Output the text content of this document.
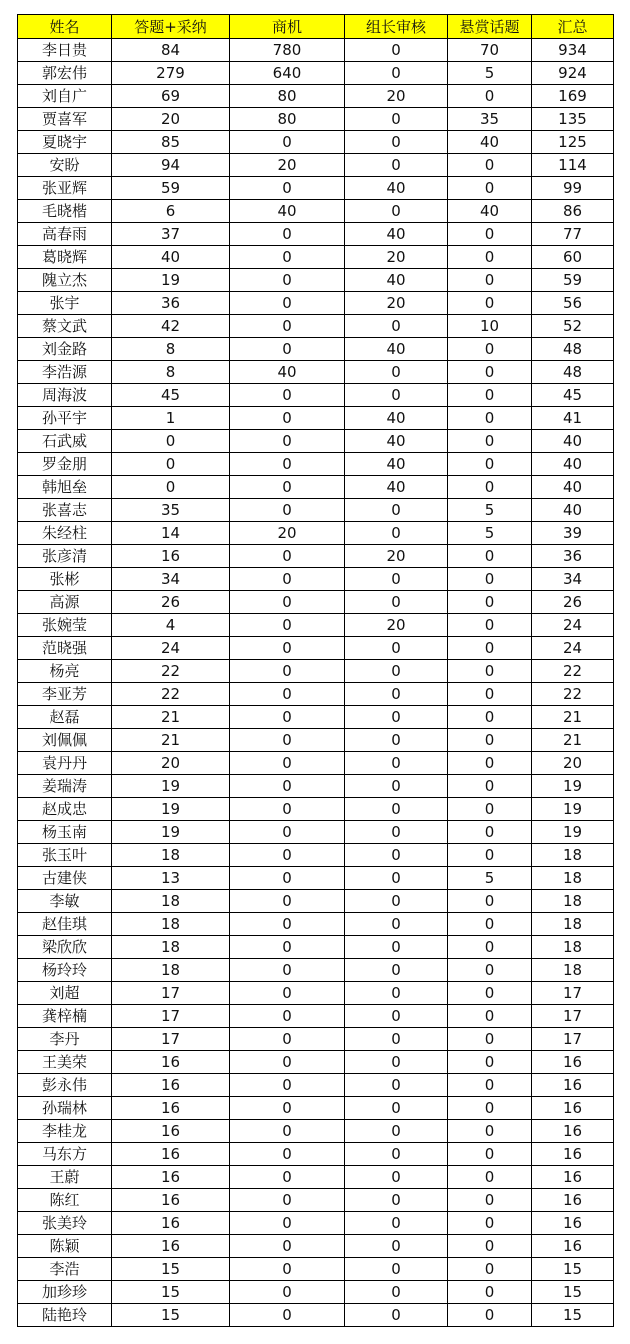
姓名	答题+采纳	商机	组长审核	悬赏话题	汇总
李日贵	84	780	0	70	934
郭宏伟	279	640	0	5	924
刘自广	69	80	20	0	169
贾喜军	20	80	0	35	135
夏晓宇	85	0	0	40	125
安盼	94	20	0	0	114
张亚辉	59	0	40	0	99
毛晓楷	6	40	0	40	86
高春雨	37	0	40	0	77
葛晓辉	40	0	20	0	60
隗立杰	19	0	40	0	59
张宇	36	0	20	0	56
蔡文武	42	0	0	10	52
刘金路	8	0	40	0	48
李浩源	8	40	0	0	48
周海波	45	0	0	0	45
孙平宇	1	0	40	0	41
石武威	0	0	40	0	40
罗金朋	0	0	40	0	40
韩旭垒	0	0	40	0	40
张喜志	35	0	0	5	40
朱经柱	14	20	0	5	39
张彦清	16	0	20	0	36
张彬	34	0	0	0	34
高源	26	0	0	0	26
张婉莹	4	0	20	0	24
范晓强	24	0	0	0	24
杨亮	22	0	0	0	22
李亚芳	22	0	0	0	22
赵磊	21	0	0	0	21
刘佩佩	21	0	0	0	21
袁丹丹	20	0	0	0	20
姜瑞涛	19	0	0	0	19
赵成忠	19	0	0	0	19
杨玉南	19	0	0	0	19
张玉叶	18	0	0	0	18
古建侠	13	0	0	5	18
李敏	18	0	0	0	18
赵佳琪	18	0	0	0	18
梁欣欣	18	0	0	0	18
杨玲玲	18	0	0	0	18
刘超	17	0	0	0	17
龚梓楠	17	0	0	0	17
李丹	17	0	0	0	17
王美荣	16	0	0	0	16
彭永伟	16	0	0	0	16
孙瑞林	16	0	0	0	16
李桂龙	16	0	0	0	16
马东方	16	0	0	0	16
王蔚	16	0	0	0	16
陈红	16	0	0	0	16
张美玲	16	0	0	0	16
陈颖	16	0	0	0	16
李浩	15	0	0	0	15
加珍珍	15	0	0	0	15
陆艳玲	15	0	0	0	15
